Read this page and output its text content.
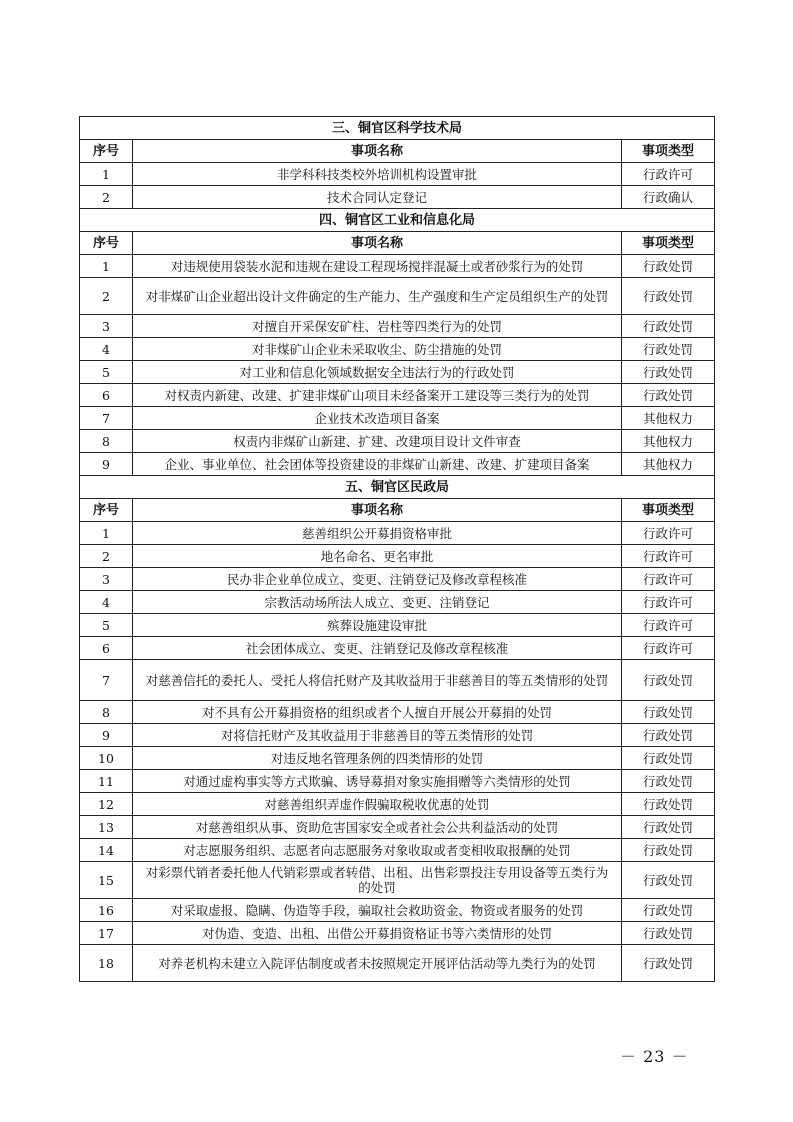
三、铜官区科学技术局		
序号	事项名称	事项类型
1	非学科科技类校外培训机构设置审批	行政许可
2	技术合同认定登记	行政确认
四、铜官区工业和信息化局		
序号	事项名称	事项类型
1	对违规使用袋装水泥和违规在建设工程现场搅拌混凝土或者砂浆行为的处罚	行政处罚
2	对非煤矿山企业超出设计文件确定的生产能力、生产强度和生产定员组织生产的处罚	行政处罚
3	对擅自开采保安矿柱、岩柱等四类行为的处罚	行政处罚
4	对非煤矿山企业未采取收尘、防尘措施的处罚	行政处罚
5	对工业和信息化领域数据安全违法行为的行政处罚	行政处罚
6	对权责内新建、改建、扩建非煤矿山项目未经备案开工建设等三类行为的处罚	行政处罚
7	企业技术改造项目备案	其他权力
8	权责内非煤矿山新建、扩建、改建项目设计文件审查	其他权力
9	企业、事业单位、社会团体等投资建设的非煤矿山新建、改建、扩建项目备案	其他权力
五、铜官区民政局		
序号	事项名称	事项类型
1	慈善组织公开募捐资格审批	行政许可
2	地名命名、更名审批	行政许可
3	民办非企业单位成立、变更、注销登记及修改章程核准	行政许可
4	宗教活动场所法人成立、变更、注销登记	行政许可
5	殡葬设施建设审批	行政许可
6	社会团体成立、变更、注销登记及修改章程核准	行政许可
7	对慈善信托的委托人、受托人将信托财产及其收益用于非慈善目的等五类情形的处罚	行政处罚
8	对不具有公开募捐资格的组织或者个人擅自开展公开募捐的处罚	行政处罚
9	对将信托财产及其收益用于非慈善目的等五类情形的处罚	行政处罚
10	对违反地名管理条例的四类情形的处罚	行政处罚
11	对通过虚构事实等方式欺骗、诱导募捐对象实施捐赠等六类情形的处罚	行政处罚
12	对慈善组织弄虚作假骗取税收优惠的处罚	行政处罚
13	对慈善组织从事、资助危害国家安全或者社会公共利益活动的处罚	行政处罚
14	对志愿服务组织、志愿者向志愿服务对象收取或者变相收取报酬的处罚	行政处罚
15	对彩票代销者委托他人代销彩票或者转借、出租、出售彩票投注专用设备等五类行为的处罚	行政处罚
16	对采取虚报、隐瞒、伪造等手段，骗取社会救助资金、物资或者服务的处罚	行政处罚
17	对伪造、变造、出租、出借公开募捐资格证书等六类情形的处罚	行政处罚
18	对养老机构未建立入院评估制度或者未按照规定开展评估活动等九类行为的处罚	行政处罚
－ 23 －
